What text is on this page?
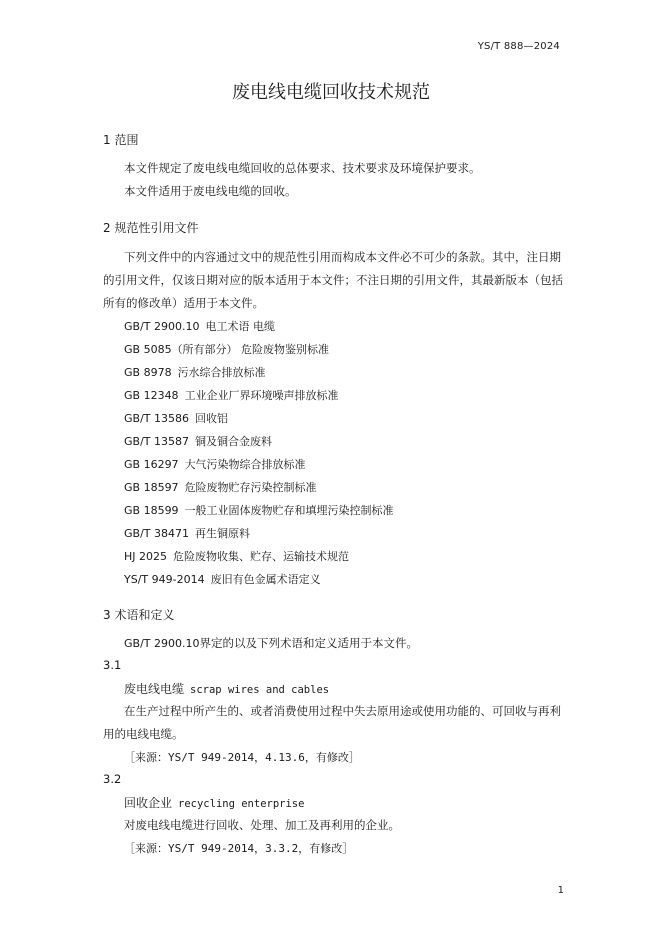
YS/T 888—2024
废电线电缆回收技术规范
1 范围
本文件规定了废电线电缆回收的总体要求、技术要求及环境保护要求。
本文件适用于废电线电缆的回收。
2 规范性引用文件
下列文件中的内容通过文中的规范性引用而构成本文件必不可少的条款。其中，注日期
的引用文件，仅该日期对应的版本适用于本文件；不注日期的引用文件，其最新版本（包括
所有的修改单）适用于本文件。
GB/T 2900.10 电工术语 电缆
GB 5085（所有部分） 危险废物鉴别标准
GB 8978 污水综合排放标准
GB 12348 工业企业厂界环境噪声排放标准
GB/T 13586 回收铝
GB/T 13587 铜及铜合金废料
GB 16297 大气污染物综合排放标准
GB 18597 危险废物贮存污染控制标准
GB 18599 一般工业固体废物贮存和填埋污染控制标准
GB/T 38471 再生铜原料
HJ 2025 危险废物收集、贮存、运输技术规范
YS/T 949-2014 废旧有色金属术语定义
3 术语和定义
GB/T 2900.10界定的以及下列术语和定义适用于本文件。
3.1
废电线电缆 scrap wires and cables
在生产过程中所产生的、或者消费使用过程中失去原用途或使用功能的、可回收与再利
用的电线电缆。
［来源：YS/T 949-2014，4.13.6，有修改］
3.2
回收企业 recycling enterprise
对废电线电缆进行回收、处理、加工及再利用的企业。
［来源：YS/T 949-2014，3.3.2，有修改］
1
